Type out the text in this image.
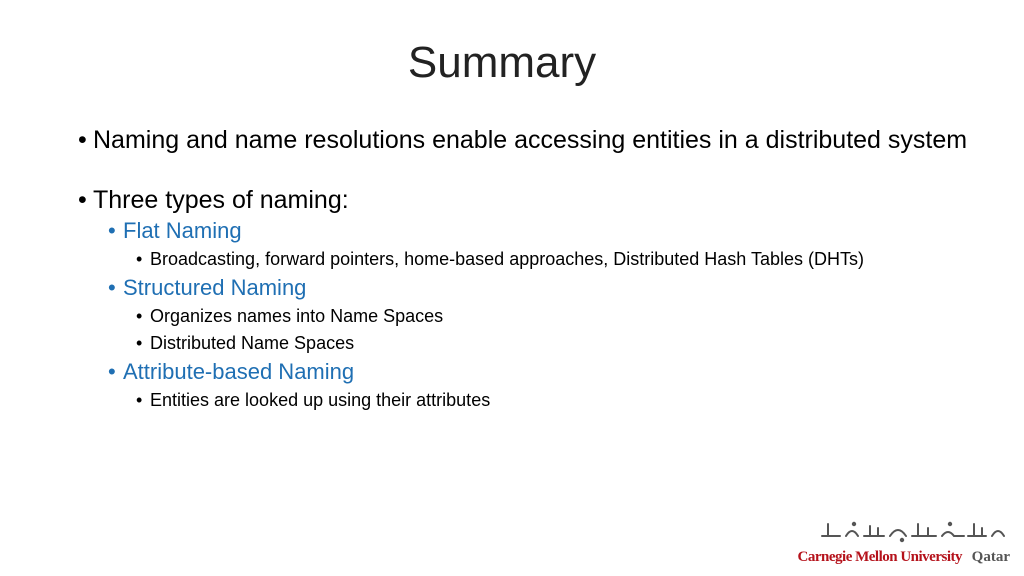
Summary
• Naming and name resolutions enable accessing entities in a distributed system
• Three types of naming:
• Flat Naming
• Broadcasting, forward pointers, home-based approaches, Distributed Hash Tables (DHTs)
• Structured Naming
• Organizes names into Name Spaces
• Distributed Name Spaces
• Attribute-based Naming
• Entities are looked up using their attributes
Carnegie Mellon University Qatar
